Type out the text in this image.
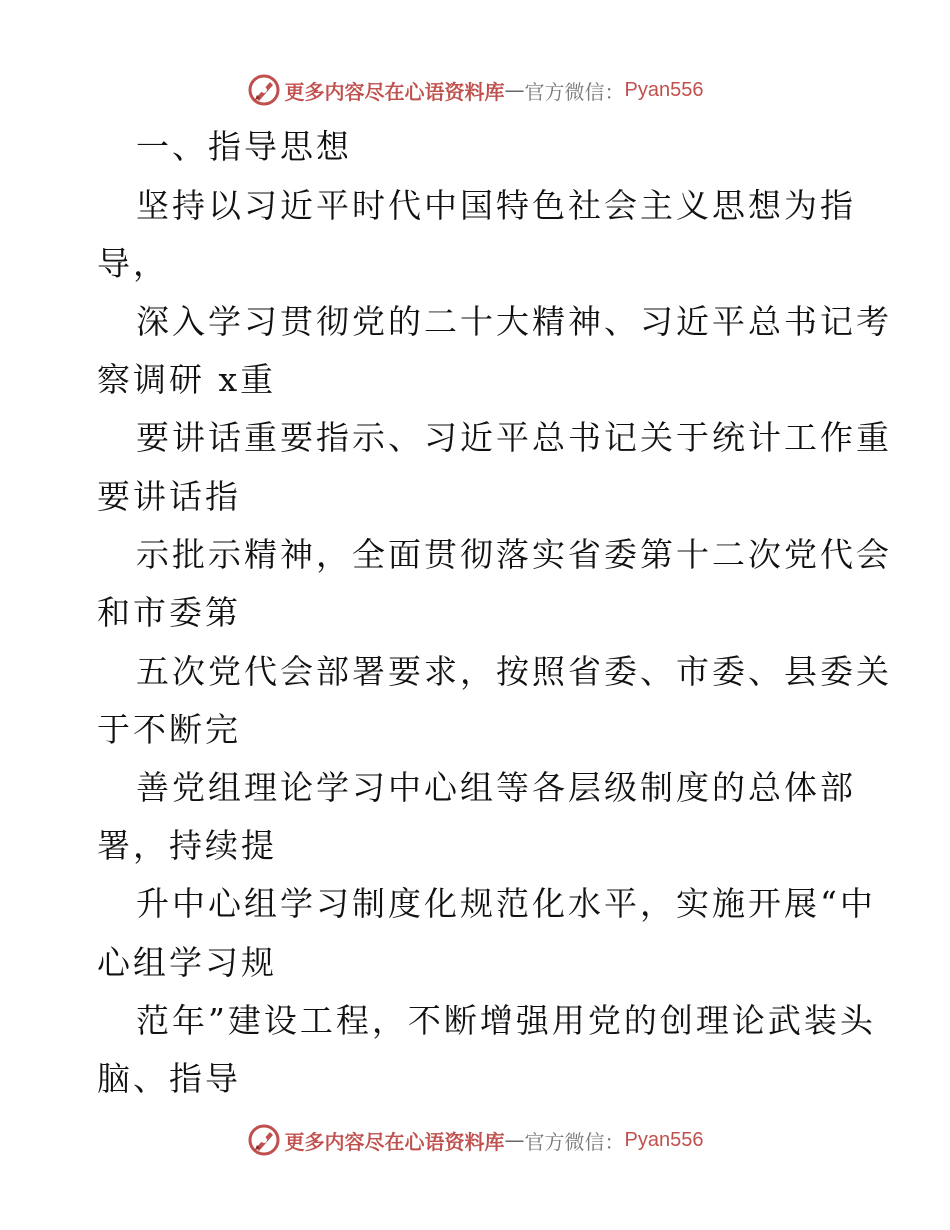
更多内容尽在心语资料库 — 官方微信： Pyan556
一、指导思想
坚持以习近平时代中国特色社会主义思想为指
导，
深入学习贯彻党的二十大精神、习近平总书记考
察调研 x重
要讲话重要指示、习近平总书记关于统计工作重
要讲话指
示批示精神，全面贯彻落实省委第十二次党代会
和市委第
五次党代会部署要求，按照省委、市委、县委关
于不断完
善党组理论学习中心组等各层级制度的总体部
署，持续提
升中心组学习制度化规范化水平，实施开展“中
心组学习规
范年”建设工程，不断增强用党的创理论武装头
脑、指导
更多内容尽在心语资料库 — 官方微信： Pyan556
